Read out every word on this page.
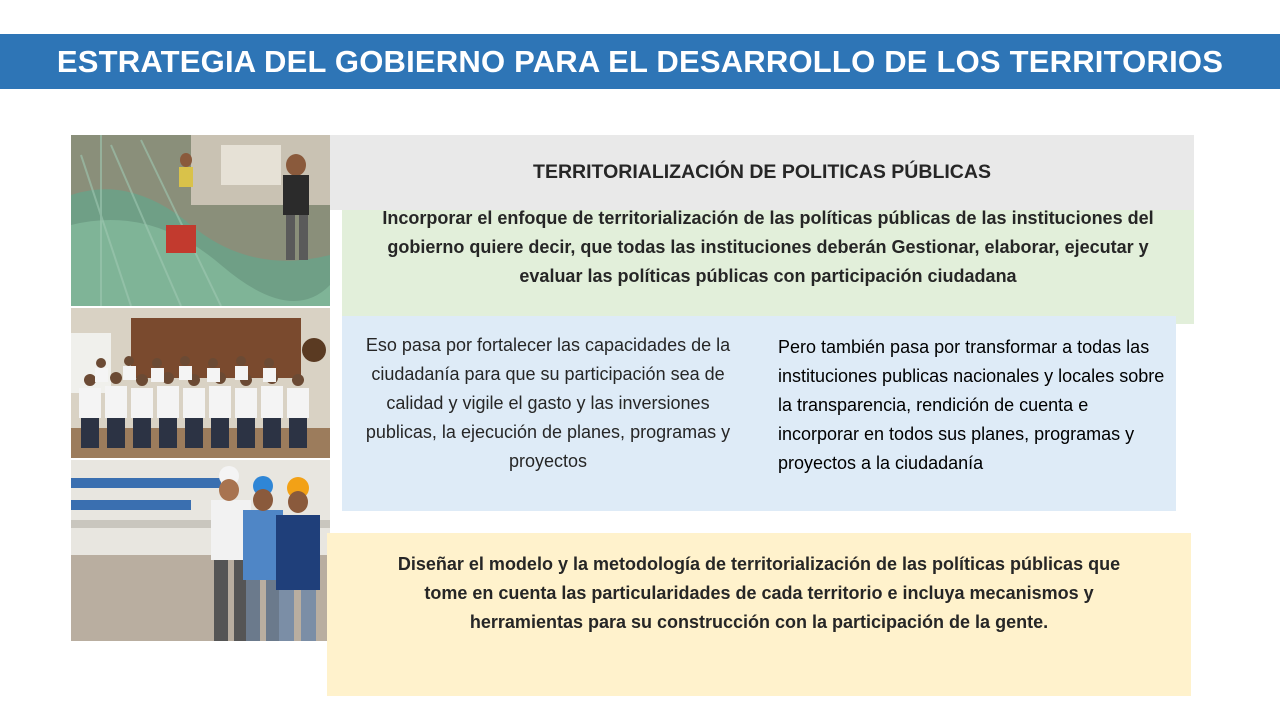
ESTRATEGIA DEL GOBIERNO PARA EL DESARROLLO DE LOS TERRITORIOS
TERRITORIALIZACIÓN DE POLITICAS PÚBLICAS
Incorporar el enfoque de territorialización de las políticas públicas de las instituciones del gobierno quiere decir, que todas las instituciones deberán Gestionar, elaborar, ejecutar y evaluar las políticas públicas con participación ciudadana
Eso pasa por fortalecer las capacidades de la ciudadanía para que su participación sea de calidad y vigile el gasto y las inversiones publicas, la ejecución de planes, programas y proyectos
Pero también pasa por transformar a todas las instituciones publicas nacionales y locales sobre la transparencia, rendición de cuenta e incorporar en todos sus planes, programas y proyectos a la ciudadanía
Diseñar el modelo y la metodología de territorialización de las políticas públicas que tome en cuenta las particularidades de cada territorio e incluya mecanismos y herramientas para su construcción con la participación de la gente.
